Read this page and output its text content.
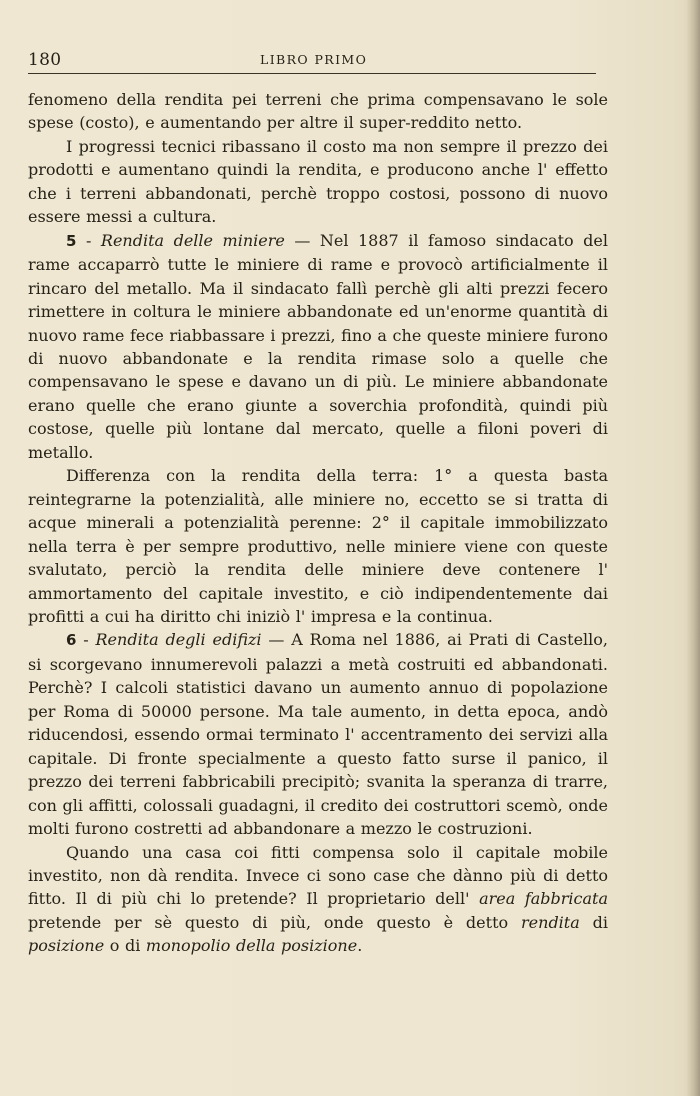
180	LIBRO PRIMO

fenomeno della rendita pei terreni che prima compensavano le sole spese (costo), e aumentando per altre il super-reddito netto.

I progressi tecnici ribassano il costo ma non sempre il prezzo dei prodotti e aumentano quindi la rendita, e producono anche l' effetto che i terreni abbandonati, perchè troppo costosi, possono di nuovo essere messi a cultura.

5 - Rendita delle miniere — Nel 1887 il famoso sindacato del rame accaparrò tutte le miniere di rame e provocò artificialmente il rincaro del metallo. Ma il sindacato fallì perchè gli alti prezzi fecero rimettere in coltura le miniere abbandonate ed un'enorme quantità di nuovo rame fece riabbassare i prezzi, fino a che queste miniere furono di nuovo abbandonate e la rendita rimase solo a quelle che compensavano le spese e davano un di più. Le miniere abbandonate erano quelle che erano giunte a soverchia profondità, quindi più costose, quelle più lontane dal mercato, quelle a filoni poveri di metallo.

Differenza con la rendita della terra: 1° a questa basta reintegrarne la potenzialità, alle miniere no, eccetto se si tratta di acque minerali a potenzialità perenne: 2° il capitale immobilizzato nella terra è per sempre produttivo, nelle miniere viene con queste svalutato, perciò la rendita delle miniere deve contenere l' ammortamento del capitale investito, e ciò indipendentemente dai profitti a cui ha diritto chi iniziò l' impresa e la continua.

6 - Rendita degli edifizi — A Roma nel 1886, ai Prati di Castello, si scorgevano innumerevoli palazzi a metà costruiti ed abbandonati. Perchè? I calcoli statistici davano un aumento annuo di popolazione per Roma di 50000 persone. Ma tale aumento, in detta epoca, andò riducendosi, essendo ormai terminato l' accentramento dei servizi alla capitale. Di fronte specialmente a questo fatto surse il panico, il prezzo dei terreni fabbricabili precipitò; svanita la speranza di trarre, con gli affitti, colossali guadagni, il credito dei costruttori scemò, onde molti furono costretti ad abbandonare a mezzo le costruzioni.

Quando una casa coi fitti compensa solo il capitale mobile investito, non dà rendita. Invece ci sono case che dànno più di detto fitto. Il di più chi lo pretende? Il proprietario dell' area fabbricata pretende per sè questo di più, onde questo è detto rendita di posizione o di monopolio della posizione.
